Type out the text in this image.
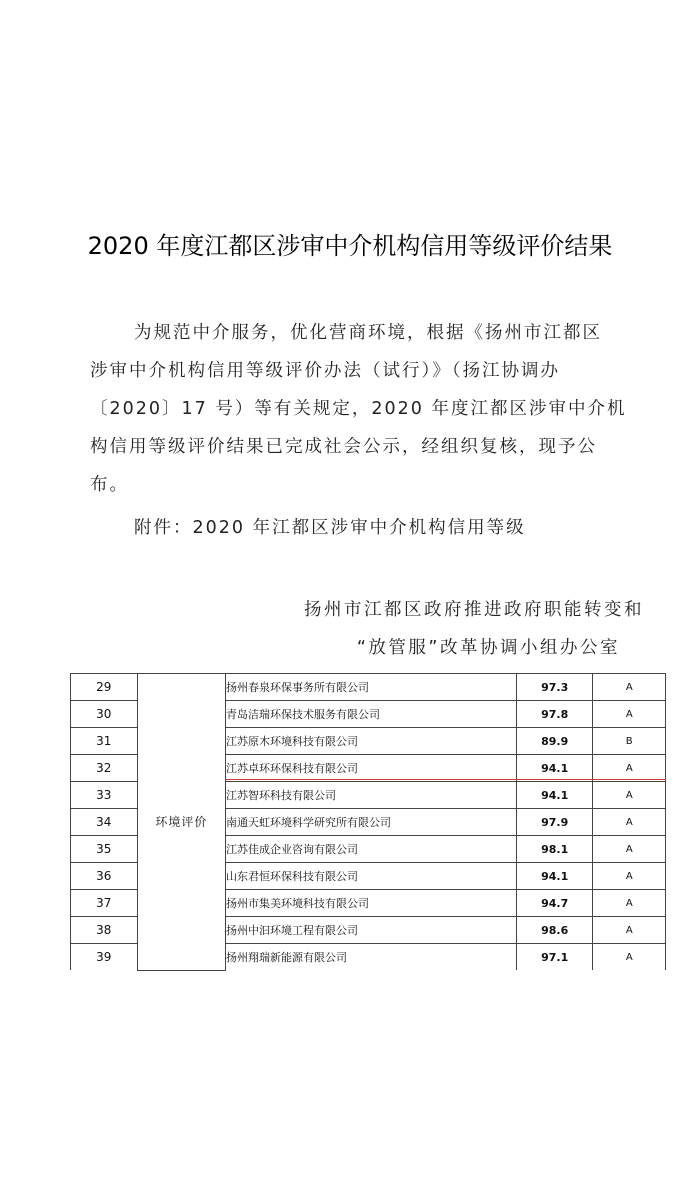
2020 年度江都区涉审中介机构信用等级评价结果
为规范中介服务，优化营商环境，根据《扬州市江都区
涉审中介机构信用等级评价办法（试行）》（扬江协调办
〔2020〕17 号）等有关规定，2020 年度江都区涉审中介机
构信用等级评价结果已完成社会公示，经组织复核，现予公
布。
附件：2020 年江都区涉审中介机构信用等级
扬州市江都区政府推进政府职能转变和
“放管服”改革协调小组办公室
29	环境评价	扬州春泉环保事务所有限公司	97.3	A
30		青岛洁瑞环保技术服务有限公司	97.8	A
31		江苏原木环境科技有限公司	89.9	B
32		江苏卓环环保科技有限公司	94.1	A
33		江苏智环科技有限公司	94.1	A
34		南通天虹环境科学研究所有限公司	97.9	A
35		江苏佳成企业咨询有限公司	98.1	A
36		山东君恒环保科技有限公司	94.1	A
37		扬州市集美环境科技有限公司	94.7	A
38		扬州中汩环境工程有限公司	98.6	A
39		扬州翔瑞新能源有限公司	97.1	A
